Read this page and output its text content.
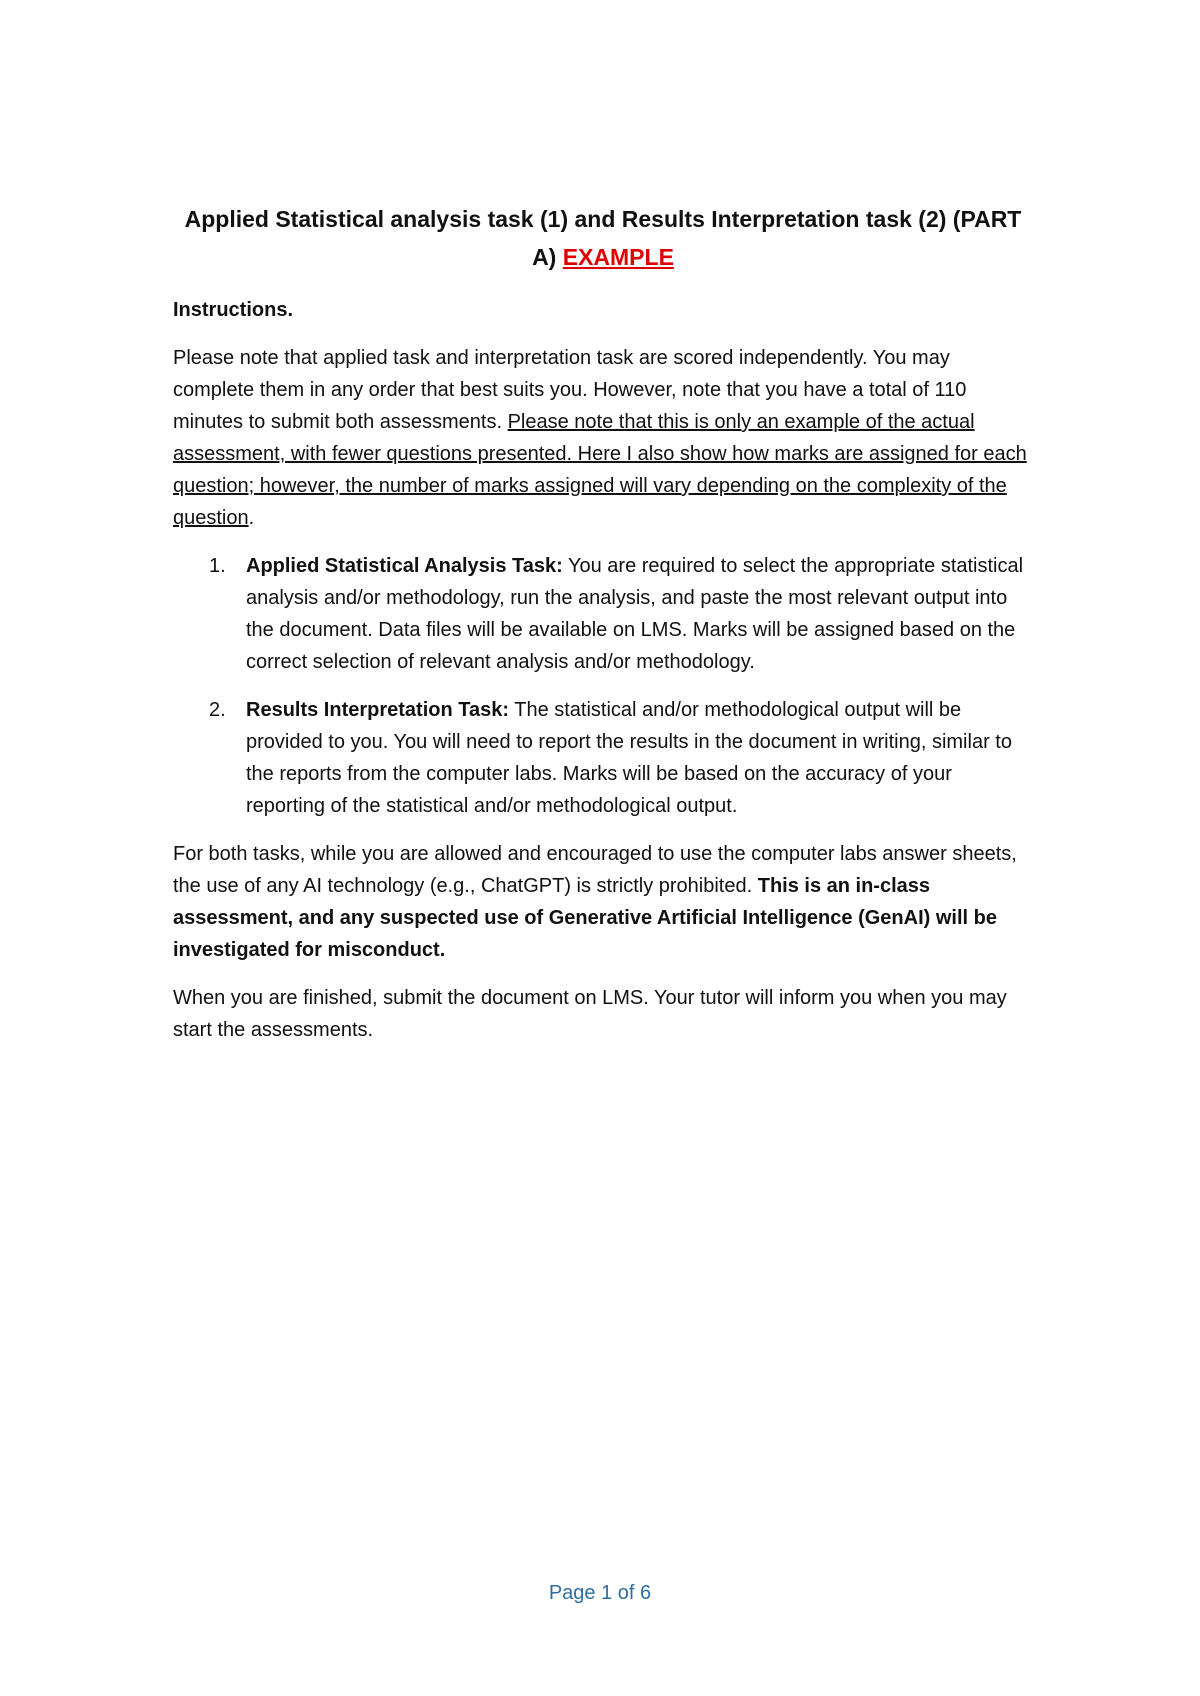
Applied Statistical analysis task (1) and Results Interpretation task (2) (PART A) EXAMPLE
Instructions.

Please note that applied task and interpretation task are scored independently. You may complete them in any order that best suits you. However, note that you have a total of 110 minutes to submit both assessments. Please note that this is only an example of the actual assessment, with fewer questions presented. Here I also show how marks are assigned for each question; however, the number of marks assigned will vary depending on the complexity of the question.

1. Applied Statistical Analysis Task: You are required to select the appropriate statistical analysis and/or methodology, run the analysis, and paste the most relevant output into the document. Data files will be available on LMS. Marks will be assigned based on the correct selection of relevant analysis and/or methodology.
2. Results Interpretation Task: The statistical and/or methodological output will be provided to you. You will need to report the results in the document in writing, similar to the reports from the computer labs. Marks will be based on the accuracy of your reporting of the statistical and/or methodological output.

For both tasks, while you are allowed and encouraged to use the computer labs answer sheets, the use of any AI technology (e.g., ChatGPT) is strictly prohibited. This is an in-class assessment, and any suspected use of Generative Artificial Intelligence (GenAI) will be investigated for misconduct.

When you are finished, submit the document on LMS. Your tutor will inform you when you may start the assessments.

Page 1 of 6
